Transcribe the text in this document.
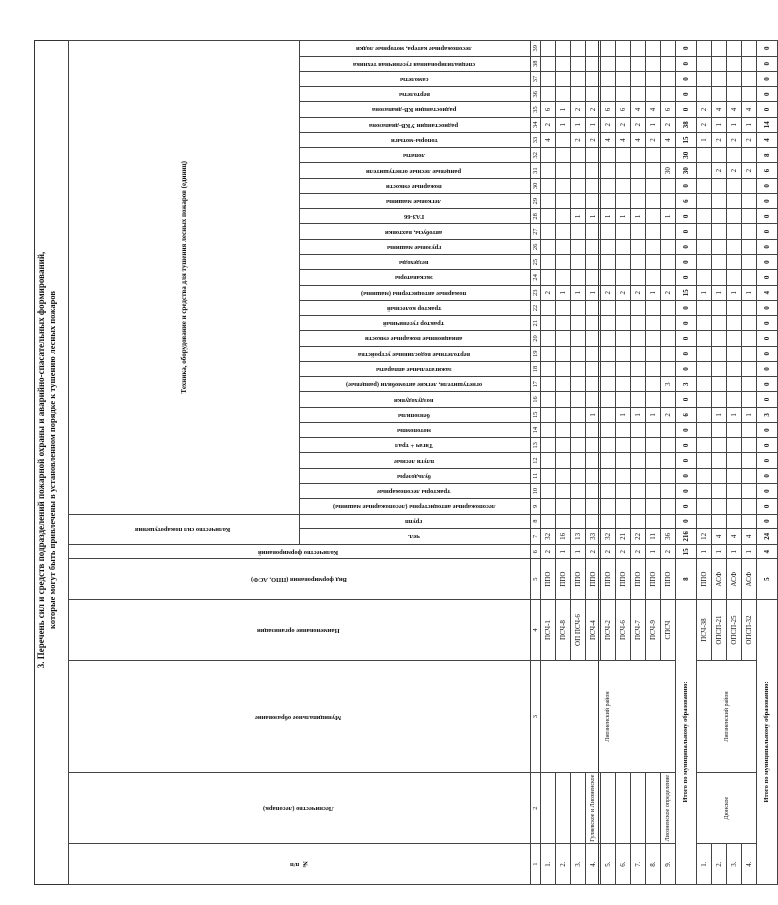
3. Перечень сил и средств подразделений пожарной охраны и аварийно-спасательных формирований, которые могут быть привлечены в установленном порядке к тушению лесных пожаров
№ п/п	Лесничество (лесопарк)	Муниципальное образование	Наименование организации	Вид формирования (ППО, АСФ)	Количество формирований	Количество сил пожаротушения		Техника, оборудование и средства для тушения лесных пожаров (единиц)																														
						чел.	групп	лесопожарные автоцистерны (лесопожарные машины)	тракторы лесопожарные	бульдозеры	плуги лесные	Тягач + трал	мотопомпы	бензопилы	воздуходувки	огнетушители, легкие автомобили (ранцевые)	зажигательные аппараты	вертолетные водосливные устройства	авиационные пожарные емкости	трактор гусеничный	трактор колесный	пожарные автоцистерны (машины)	экскаваторы	вездеходы	грузовые машины	автобусы, вахтовки	ГАЗ-66	легковые машины	пожарные емкости	ранцевые лесные огнетушители	лопаты	топоры-мотыги	радиостанции УКВ-диапазона	радиостанции КВ-диапазона	вертолеты	самолеты	специализированная гусеничная техника	лесопожарные катера, моторные лодки
1	2	3	4	5	6	7	8	9	10	11	12	13	14	15	16	17	18	19	20	21	22	23	24	25	26	27	28	29	30	31	32	33	34	35	36	37	38	39
1.		Лиозненский район	ПСЧ-1	ППО	2	32																2										4	2	6				
2.			ПСЧ-8	ППО	1	16																1											1	1				
3.			ОП ПСЧ-6	ППО	1	13																1					1					2	1	2				
4.	Гуляевское и Лиозненское		ПСЧ-4	ППО	2	33								1								1					1					2	1	2				
5.			ПСЧ-2	ППО	2	32																2					1					4	2	6				
6.			ПСЧ-6	ППО	2	21								1								2					1					4	2	6				
7.			ПСЧ-7	ППО	2	22								1								2					1					4	2	4				
8.			ПСЧ-9	ППО	1	11								1								1										2	1	4				
9.	Лиозненское определение		СПСЧ	ППО	2	36								2		3						2					1			30		4	2	6				
Итого по муниципальному образованию:				8	15	216	0	0	0	0	0	0	0	6	0	3	0	0	0	0	0	15	0	0	0	0	0	6	0	30	30	15	38	0	0	0	0	0
1.	Дюнское	Лиозненский район	ПСЧ-38	ППО	1	12																1										1	2	2				
2.			ОПСП-21	АСФ	1	4								1								1								2		2	1	4				
3.			ОПСП-25	АСФ	1	4								1								1								2		2	1	4				
4.			ОПСП-32	АСФ	1	4								1								1								2		2	1	4				
Итого по муниципальному образованию:				5	4	24	0	0	0	0	0	0	0	3	0	0	0	0	0	0	0	4	0	0	0	0	0	0	0	6	8	4	14	0	0	0	0	0
